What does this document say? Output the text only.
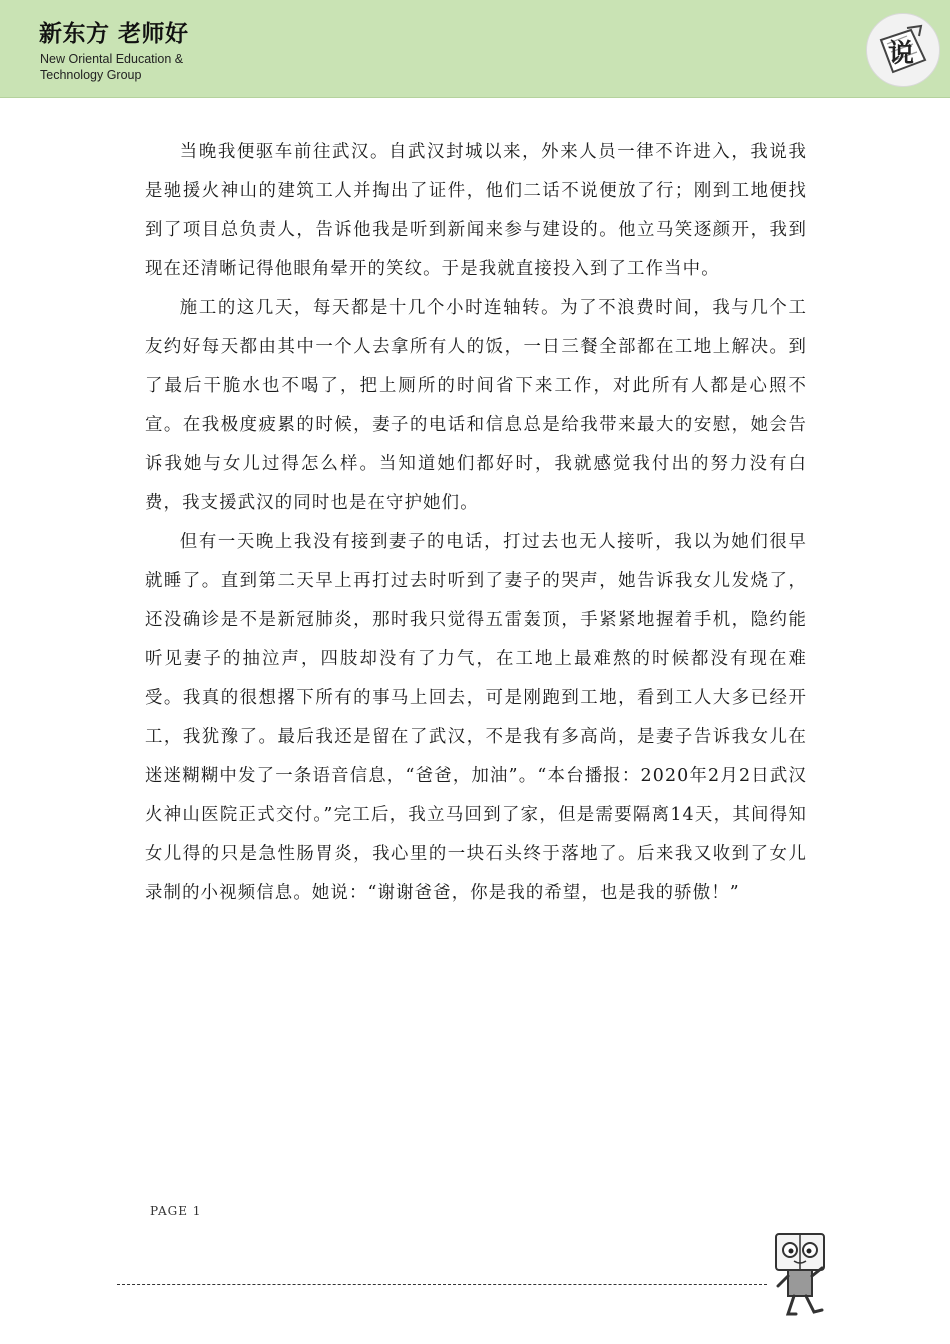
新东方 老师好
New Oriental Education &
Technology Group
说

当晚我便驱车前往武汉。自武汉封城以来，外来人员一律不许进入，我说我是驰援火神山的建筑工人并掏出了证件，他们二话不说便放了行；刚到工地便找到了项目总负责人，告诉他我是听到新闻来参与建设的。他立马笑逐颜开，我到现在还清晰记得他眼角晕开的笑纹。于是我就直接投入到了工作当中。

施工的这几天，每天都是十几个小时连轴转。为了不浪费时间，我与几个工友约好每天都由其中一个人去拿所有人的饭，一日三餐全部都在工地上解决。到了最后干脆水也不喝了，把上厕所的时间省下来工作，对此所有人都是心照不宣。在我极度疲累的时候，妻子的电话和信息总是给我带来最大的安慰，她会告诉我她与女儿过得怎么样。当知道她们都好时，我就感觉我付出的努力没有白费，我支援武汉的同时也是在守护她们。

但有一天晚上我没有接到妻子的电话，打过去也无人接听，我以为她们很早就睡了。直到第二天早上再打过去时听到了妻子的哭声，她告诉我女儿发烧了，还没确诊是不是新冠肺炎，那时我只觉得五雷轰顶，手紧紧地握着手机，隐约能听见妻子的抽泣声，四肢却没有了力气，在工地上最难熬的时候都没有现在难受。我真的很想撂下所有的事马上回去，可是刚跑到工地，看到工人大多已经开工，我犹豫了。最后我还是留在了武汉，不是我有多高尚，是妻子告诉我女儿在迷迷糊糊中发了一条语音信息，“爸爸，加油”。“本台播报：2020年2月2日武汉火神山医院正式交付。”完工后，我立马回到了家，但是需要隔离14天，其间得知女儿得的只是急性肠胃炎，我心里的一块石头终于落地了。后来我又收到了女儿录制的小视频信息。她说：“谢谢爸爸，你是我的希望，也是我的骄傲！”

PAGE 1
